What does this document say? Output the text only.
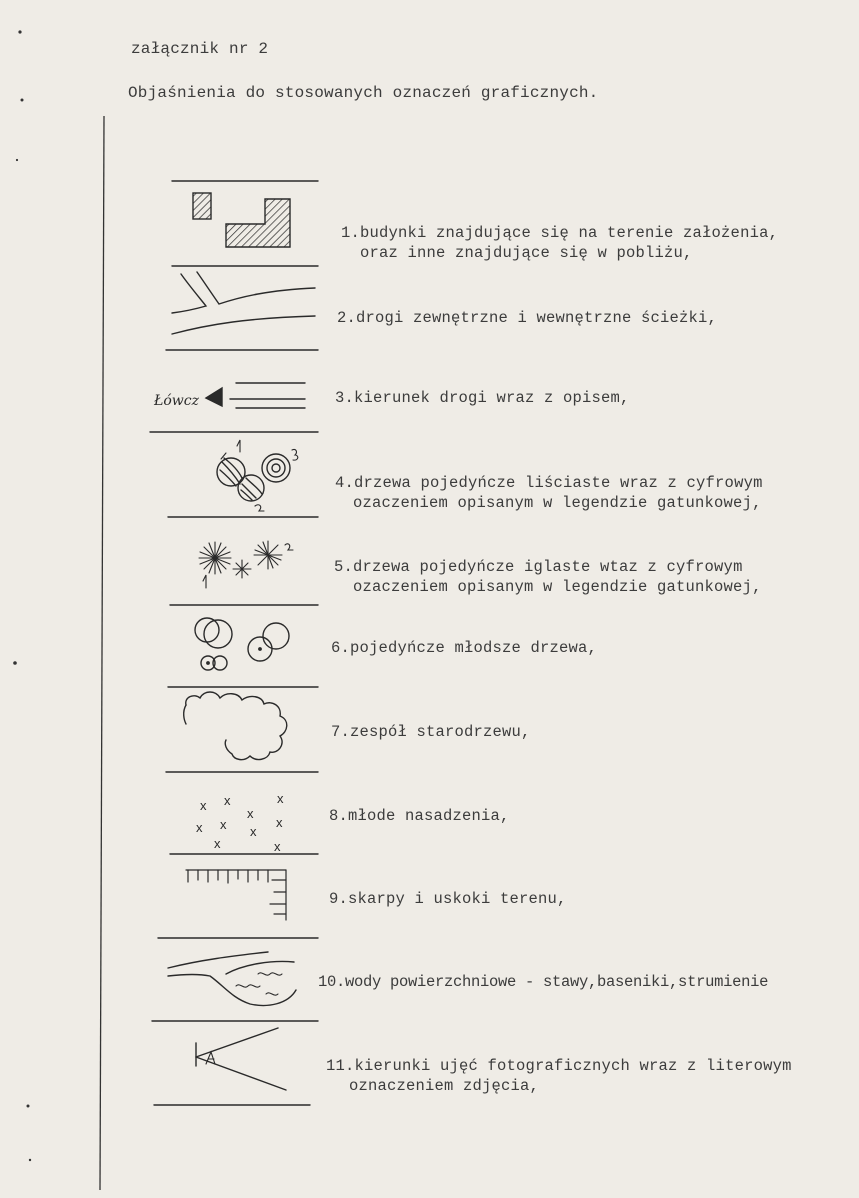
załącznik nr 2
Objaśnienia do stosowanych oznaczeń graficznych.
x x	x
x
x x x
x
x	x
Łówcz
1.budynki znajdujące się na terenie założenia,
oraz inne znajdujące się w pobliżu,
2.drogi zewnętrzne i wewnętrzne ścieżki,
3.kierunek drogi wraz z opisem,
4.drzewa pojedyńcze liściaste wraz z cyfrowym
ozaczeniem opisanym w legendzie gatunkowej,
5.drzewa pojedyńcze iglaste wtaz z cyfrowym
ozaczeniem opisanym w legendzie gatunkowej,
6.pojedyńcze młodsze drzewa,
7.zespół starodrzewu,
8.młode nasadzenia,
9.skarpy i uskoki terenu,
10.wody powierzchniowe - stawy,baseniki,strumienie
11.kierunki ujęć fotograficznych wraz z literowym
oznaczeniem zdjęcia,
